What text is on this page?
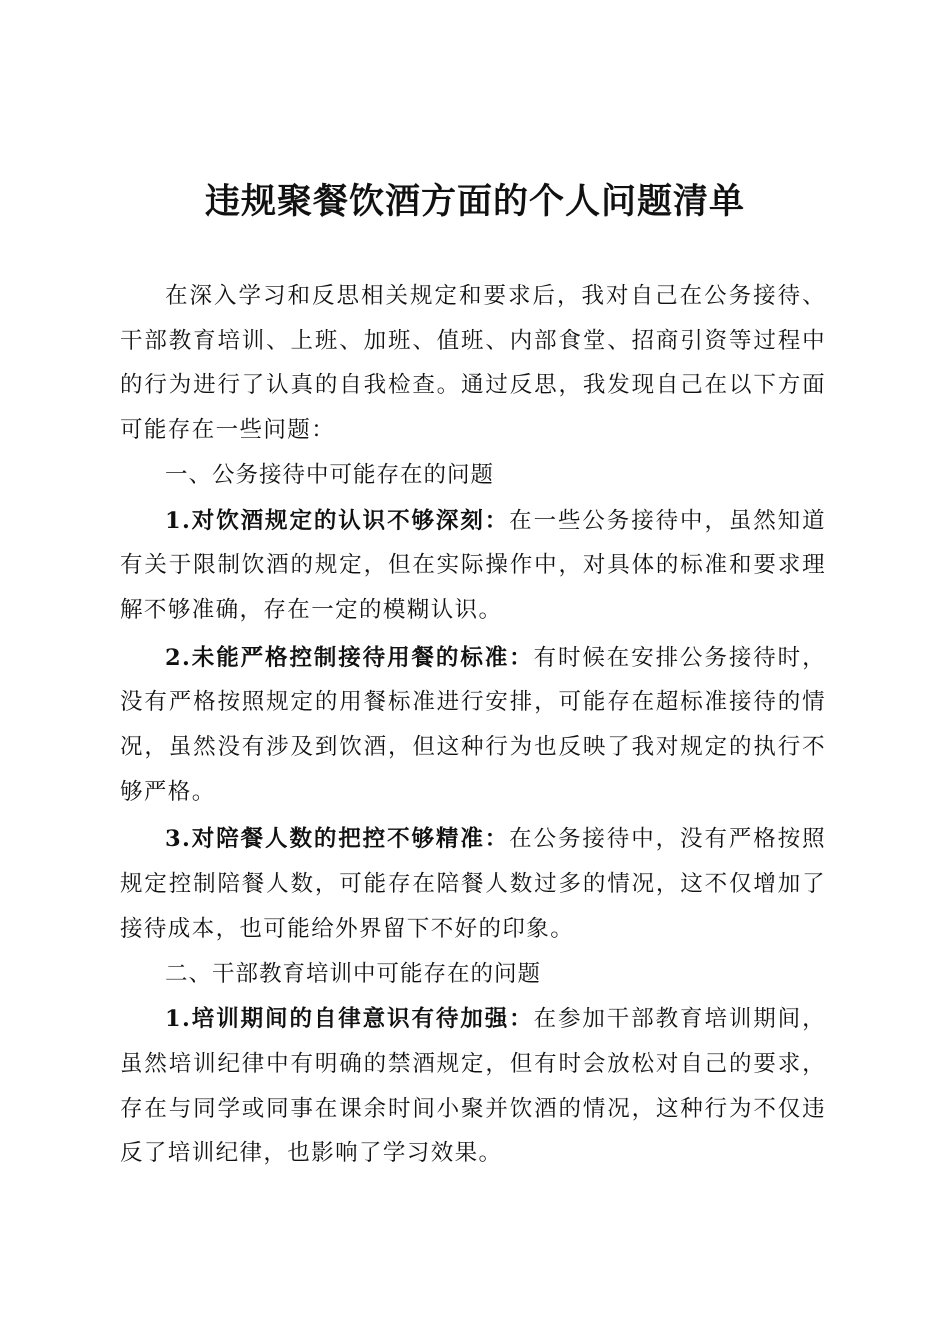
违规聚餐饮酒方面的个人问题清单

在深入学习和反思相关规定和要求后，我对自己在公务接待、干部教育培训、上班、加班、值班、内部食堂、招商引资等过程中的行为进行了认真的自我检查。通过反思，我发现自己在以下方面可能存在一些问题：

一、公务接待中可能存在的问题

1.对饮酒规定的认识不够深刻：在一些公务接待中，虽然知道有关于限制饮酒的规定，但在实际操作中，对具体的标准和要求理解不够准确，存在一定的模糊认识。

2.未能严格控制接待用餐的标准：有时候在安排公务接待时，没有严格按照规定的用餐标准进行安排，可能存在超标准接待的情况，虽然没有涉及到饮酒，但这种行为也反映了我对规定的执行不够严格。

3.对陪餐人数的把控不够精准：在公务接待中，没有严格按照规定控制陪餐人数，可能存在陪餐人数过多的情况，这不仅增加了接待成本，也可能给外界留下不好的印象。

二、干部教育培训中可能存在的问题

1.培训期间的自律意识有待加强：在参加干部教育培训期间，虽然培训纪律中有明确的禁酒规定，但有时会放松对自己的要求，存在与同学或同事在课余时间小聚并饮酒的情况，这种行为不仅违反了培训纪律，也影响了学习效果。
